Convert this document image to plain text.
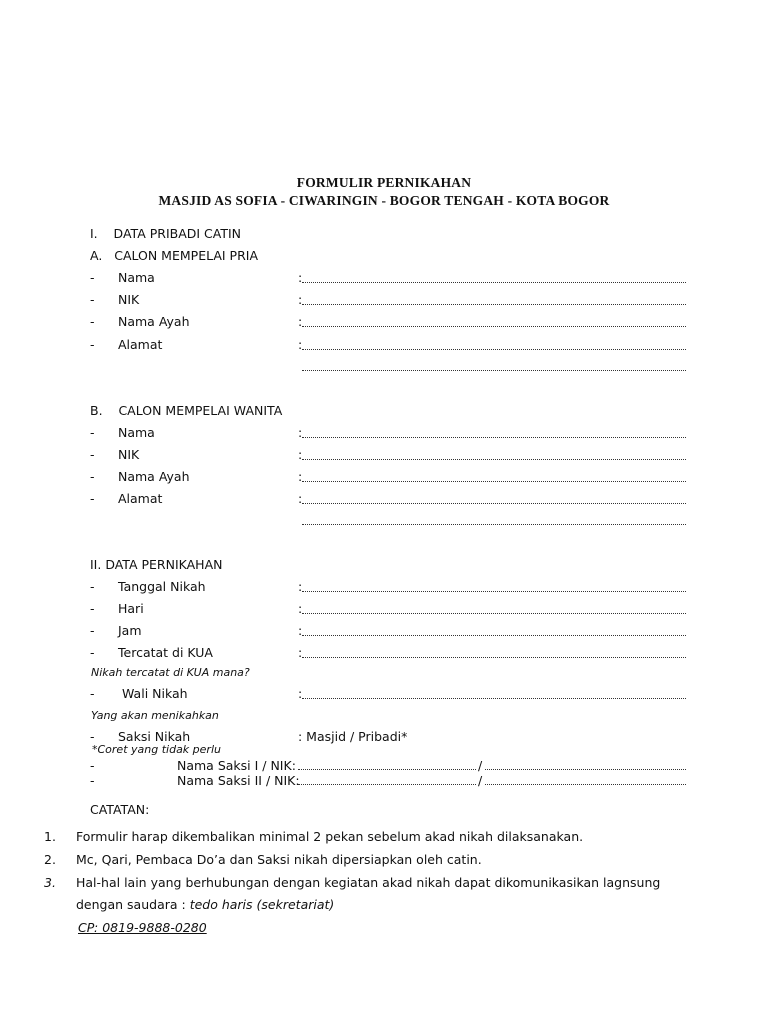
FORMULIR PERNIKAHAN
MASJID AS SOFIA - CIWARINGIN - BOGOR TENGAH - KOTA BOGOR
I.    DATA PRIBADI CATIN
A.   CALON MEMPELAI PRIA
- Nama	:
- NIK	:
- Nama Ayah	:
- Alamat	:
B.    CALON MEMPELAI WANITA
- Nama	:
- NIK	:
- Nama Ayah	:
- Alamat	:
II. DATA PERNIKAHAN
- Tanggal Nikah	:
- Hari	:
- Jam	:
- Tercatat di KUA	:
Nikah tercatat di KUA mana?
- Wali Nikah	:
Yang akan menikahkan
- Saksi Nikah	: Masjid / Pribadi*
*Coret yang tidak perlu
-	Nama Saksi I / NIK:	/
-	Nama Saksi II / NIK:	/
CATATAN:
1. Formulir harap dikembalikan minimal 2 pekan sebelum akad nikah dilaksanakan.
2. Mc, Qari, Pembaca Do’a dan Saksi nikah dipersiapkan oleh catin.
3. Hal-hal lain yang berhubungan dengan kegiatan akad nikah dapat dikomunikasikan lagnsung
dengan saudara : tedo haris (sekretariat)
CP: 0819-9888-0280
